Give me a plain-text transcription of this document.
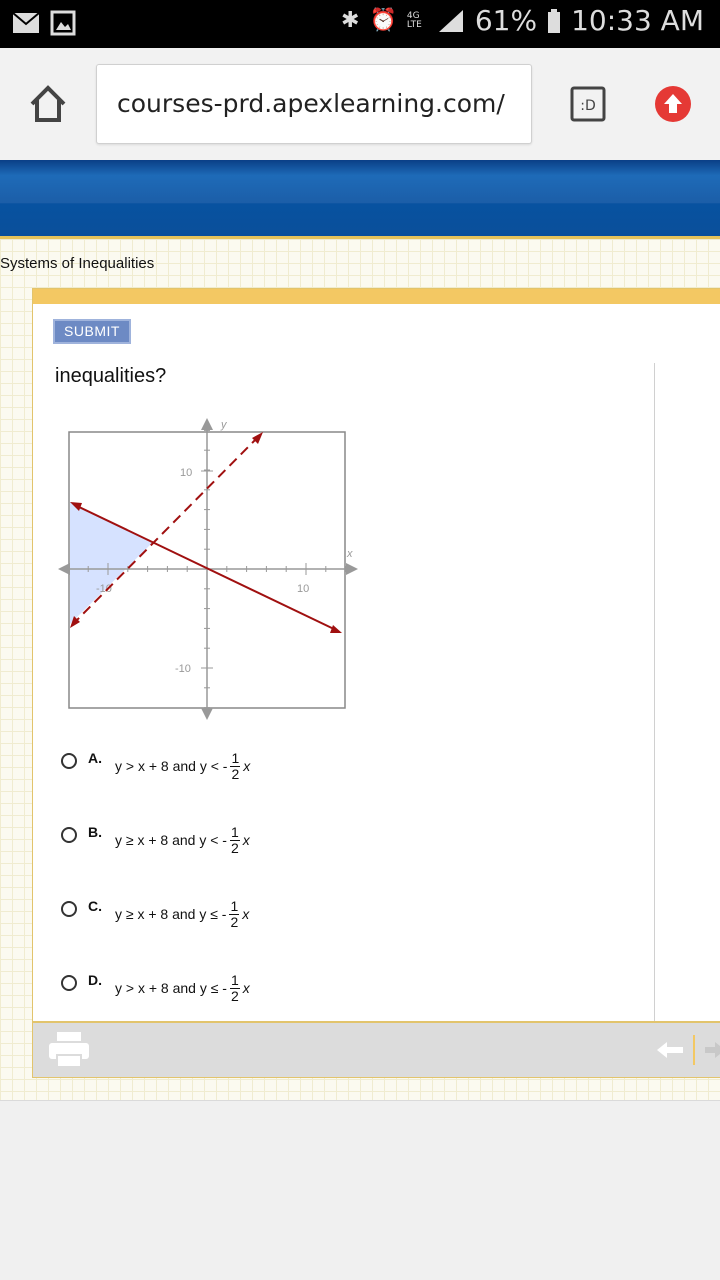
✱ ⏰ 4G LTE 61% 10:33 AM
courses-prd.apexlearning.com/	:D
Systems of Inequalities
SUBMIT
inequalities?
y
x
10
-10
10
-10
A. y > x + 8 and y < - $\frac{1}{2}$ x
B. y ≥ x + 8 and y < - $\frac{1}{2}$ x
C. y ≥ x + 8 and y ≤ - $\frac{1}{2}$ x
D. y > x + 8 and y ≤ - $\frac{1}{2}$ x
